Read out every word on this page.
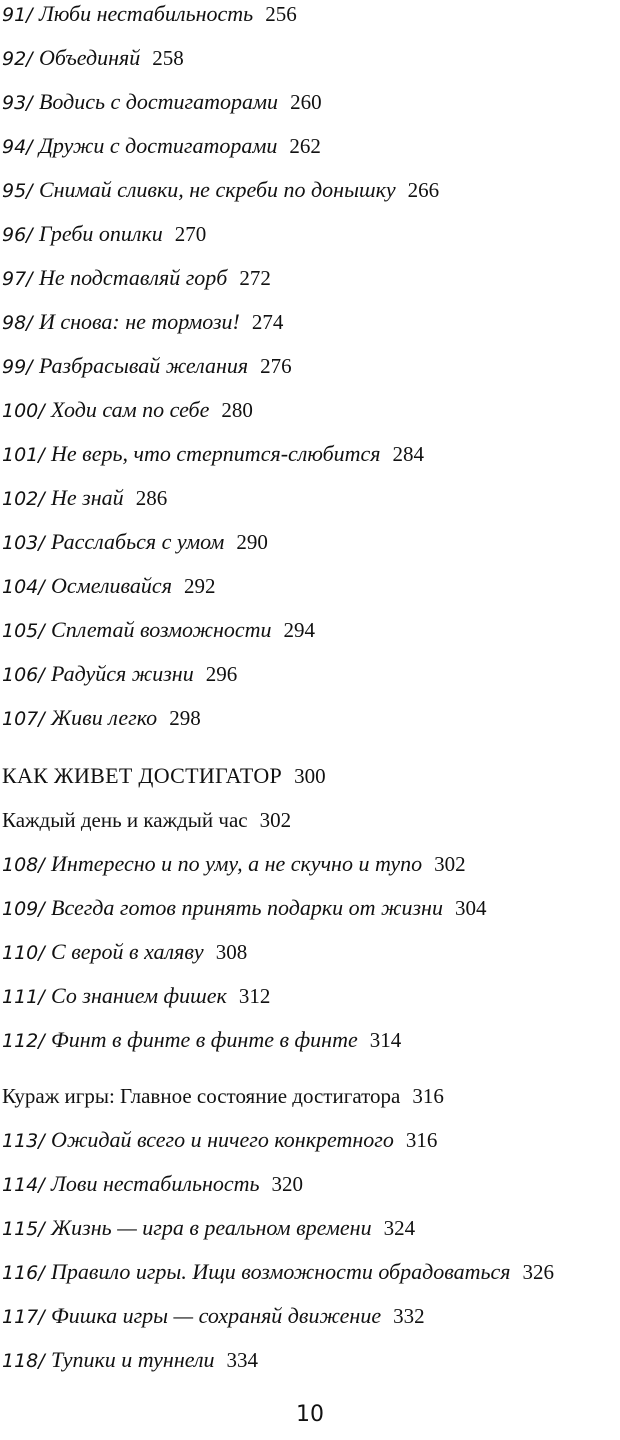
91/ Люби нестабильность 256
92/ Объединяй 258
93/ Водись с достигаторами 260
94/ Дружи с достигаторами 262
95/ Снимай сливки, не скреби по донышку 266
96/ Греби опилки 270
97/ Не подставляй горб 272
98/ И снова: не тормози! 274
99/ Разбрасывай желания 276
100/ Ходи сам по себе 280
101/ Не верь, что стерпится-слюбится 284
102/ Не знай 286
103/ Расслабься с умом 290
104/ Осмеливайся 292
105/ Сплетай возможности 294
106/ Радуйся жизни 296
107/ Живи легко 298
КАК ЖИВЕТ ДОСТИГАТОР 300
Каждый день и каждый час 302
108/ Интересно и по уму, а не скучно и тупо 302
109/ Всегда готов принять подарки от жизни 304
110/ С верой в халяву 308
111/ Со знанием фишек 312
112/ Финт в финте в финте в финте 314
Кураж игры: Главное состояние достигатора 316
113/ Ожидай всего и ничего конкретного 316
114/ Лови нестабильность 320
115/ Жизнь — игра в реальном времени 324
116/ Правило игры. Ищи возможности обрадоваться 326
117/ Фишка игры — сохраняй движение 332
118/ Тупики и туннели 334
10
